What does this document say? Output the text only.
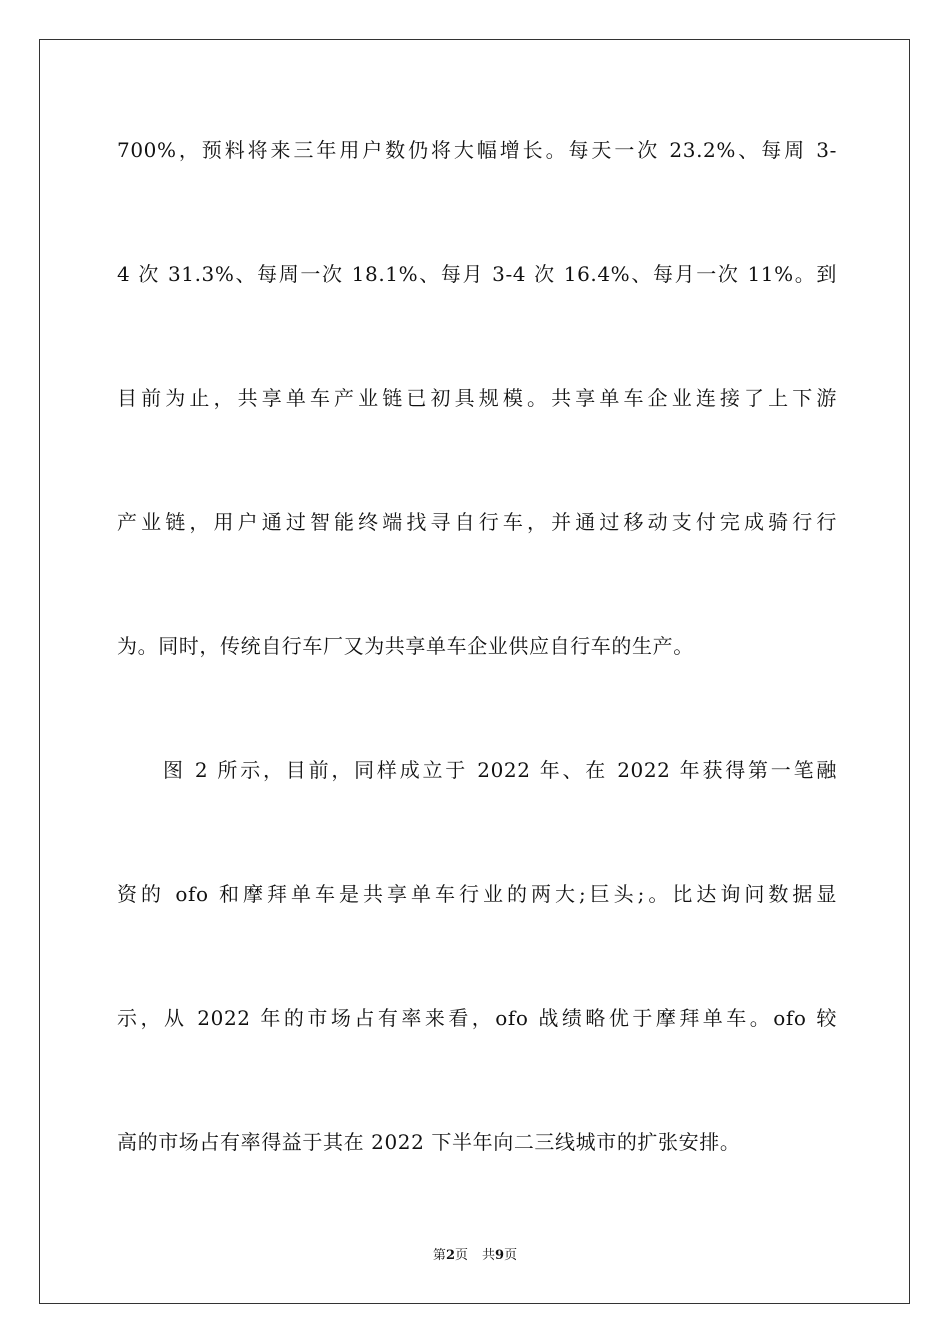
700%，预料将来三年用户数仍将大幅增长。每天一次 23.2%、每周 3-
4 次 31.3%、每周一次 18.1%、每月 3-4 次 16.4%、每月一次 11%。到
目前为止，共享单车产业链已初具规模。共享单车企业连接了上下游
产业链，用户通过智能终端找寻自行车，并通过移动支付完成骑行行
为。同时，传统自行车厂又为共享单车企业供应自行车的生产。
图 2 所示，目前，同样成立于 2022 年、在 2022 年获得第一笔融
资的 ofo 和摩拜单车是共享单车行业的两大;巨头;。比达询问数据显
示，从 2022 年的市场占有率来看，ofo 战绩略优于摩拜单车。ofo 较
高的市场占有率得益于其在 2022 下半年向二三线城市的扩张安排。
第2页 共9页
